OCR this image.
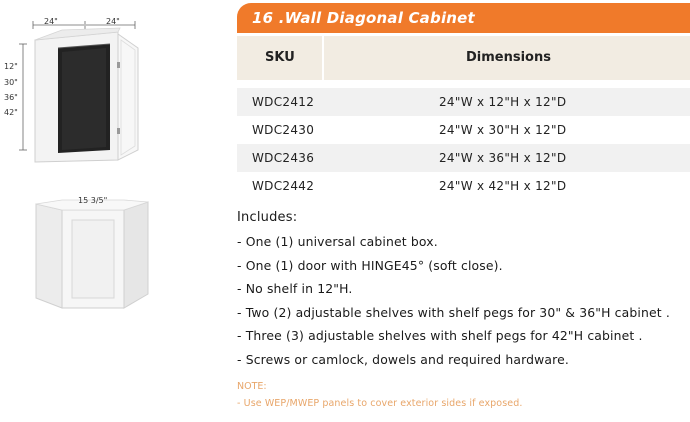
24"	24"
12"
30"
36"
42"
15 3/5"
16 .Wall Diagonal Cabinet
SKU	Dimensions
WDC2412	24"W x 12"H x 12"D
WDC2430	24"W x 30"H x 12"D
WDC2436	24"W x 36"H x 12"D
WDC2442	24"W x 42"H x 12"D
Includes:
- One (1) universal cabinet box.
- One (1) door with HINGE45° (soft close).
- No shelf in 12"H.
- Two (2) adjustable shelves with shelf pegs for 30" & 36"H cabinet .
- Three (3) adjustable shelves with shelf pegs for 42"H cabinet .
- Screws or camlock, dowels and required hardware.
NOTE:
- Use WEP/MWEP panels to cover exterior sides if exposed.
